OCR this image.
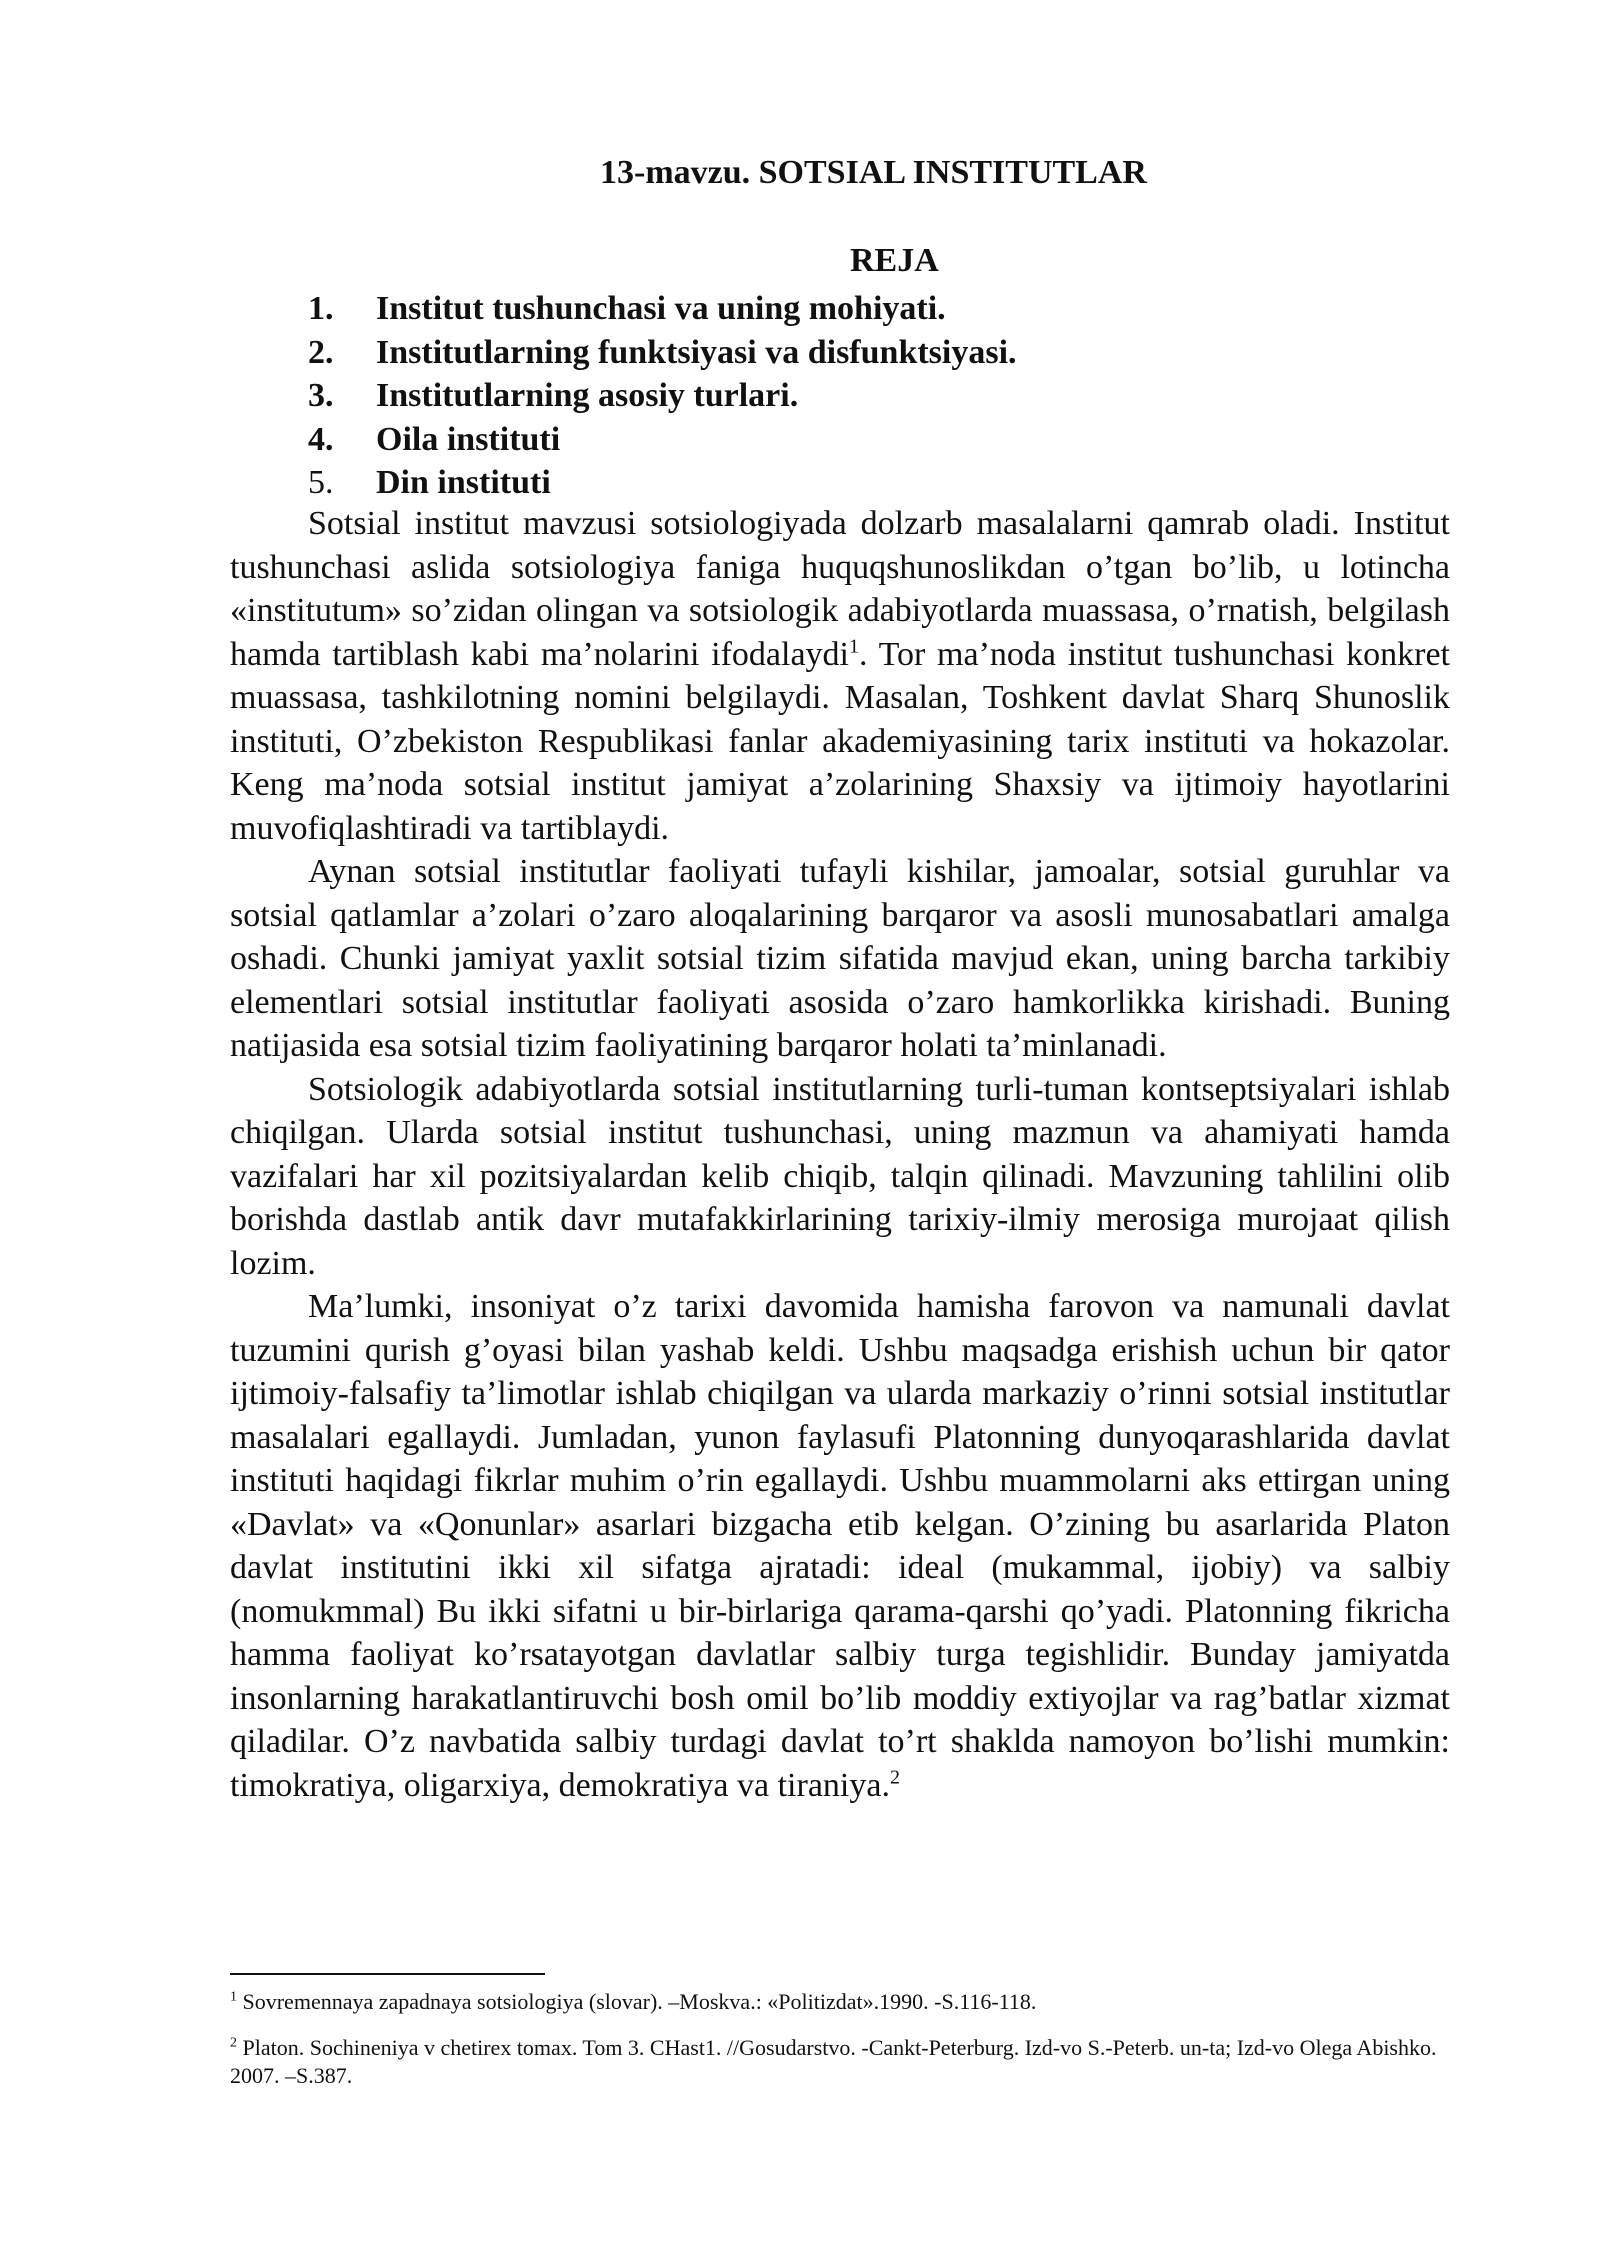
13-mavzu. SOTSIAL INSTITUTLAR
REJA
1. Institut tushunchasi va uning mohiyati.
2. Institutlarning funktsiyasi va disfunktsiyasi.
3. Institutlarning asosiy turlari.
4. Oila instituti
5. Din instituti

Sotsial institut mavzusi sotsiologiyada dolzarb masalalarni qamrab oladi. Institut tushunchasi aslida sotsiologiya faniga huquqshunoslikdan o’tgan bo’lib, u lotincha «institutum» so’zidan olingan va sotsiologik adabiyotlarda muassasa, o’rnatish, belgilash hamda tartiblash kabi ma’nolarini ifodalaydi$^1$. Tor ma’noda institut tushunchasi konkret muassasa, tashkilotning nomini belgilaydi. Masalan, Toshkent davlat Sharq Shunoslik instituti, O’zbekiston Respublikasi fanlar akademiyasining tarix instituti va hokazolar. Keng ma’noda sotsial institut jamiyat a’zolarining Shaxsiy va ijtimoiy hayotlarini muvofiqlashtiradi va tartiblaydi.

Aynan sotsial institutlar faoliyati tufayli kishilar, jamoalar, sotsial guruhlar va sotsial qatlamlar a’zolari o’zaro aloqalarining barqaror va asosli munosabatlari amalga oshadi. Chunki jamiyat yaxlit sotsial tizim sifatida mavjud ekan, uning barcha tarkibiy elementlari sotsial institutlar faoliyati asosida o’zaro hamkorlikka kirishadi. Buning natijasida esa sotsial tizim faoliyatining barqaror holati ta’minlanadi.

Sotsiologik adabiyotlarda sotsial institutlarning turli-tuman kontseptsiyalari ishlab chiqilgan. Ularda sotsial institut tushunchasi, uning mazmun va ahamiyati hamda vazifalari har xil pozitsiyalardan kelib chiqib, talqin qilinadi. Mavzuning tahlilini olib borishda dastlab antik davr mutafakkirlarining tarixiy-ilmiy merosiga murojaat qilish lozim.

Ma’lumki, insoniyat o’z tarixi davomida hamisha farovon va namunali davlat tuzumini qurish g’oyasi bilan yashab keldi. Ushbu maqsadga erishish uchun bir qator ijtimoiy-falsafiy ta’limotlar ishlab chiqilgan va ularda markaziy o’rinni sotsial institutlar masalalari egallaydi. Jumladan, yunon faylasufi Platonning dunyoqarashlarida davlat instituti haqidagi fikrlar muhim o’rin egallaydi. Ushbu muammolarni aks ettirgan uning «Davlat» va «Qonunlar» asarlari bizgacha etib kelgan. O’zining bu asarlarida Platon davlat institutini ikki xil sifatga ajratadi: ideal (mukammal, ijobiy) va salbiy (nomukmmal) Bu ikki sifatni u bir-birlariga qarama-qarshi qo’yadi. Platonning fikricha hamma faoliyat ko’rsatayotgan davlatlar salbiy turga tegishlidir. Bunday jamiyatda insonlarning harakatlantiruvchi bosh omil bo’lib moddiy extiyojlar va rag’batlar xizmat qiladilar. O’z navbatida salbiy turdagi davlat to’rt shaklda namoyon bo’lishi mumkin: timokratiya, oligarxiya, demokratiya va tiraniya.$^2$

$^1$ Sovremennaya zapadnaya sotsiologiya (slovar). –Moskva.: «Politizdat».1990. -S.116-118.

$^2$ Platon. Sochineniya v chetirex tomax. Tom 3. CHast1. //Gosudarstvo. -Cankt-Peterburg. Izd-vo S.-Peterb. un-ta; Izd-vo Olega Abishko. 2007. –S.387.
